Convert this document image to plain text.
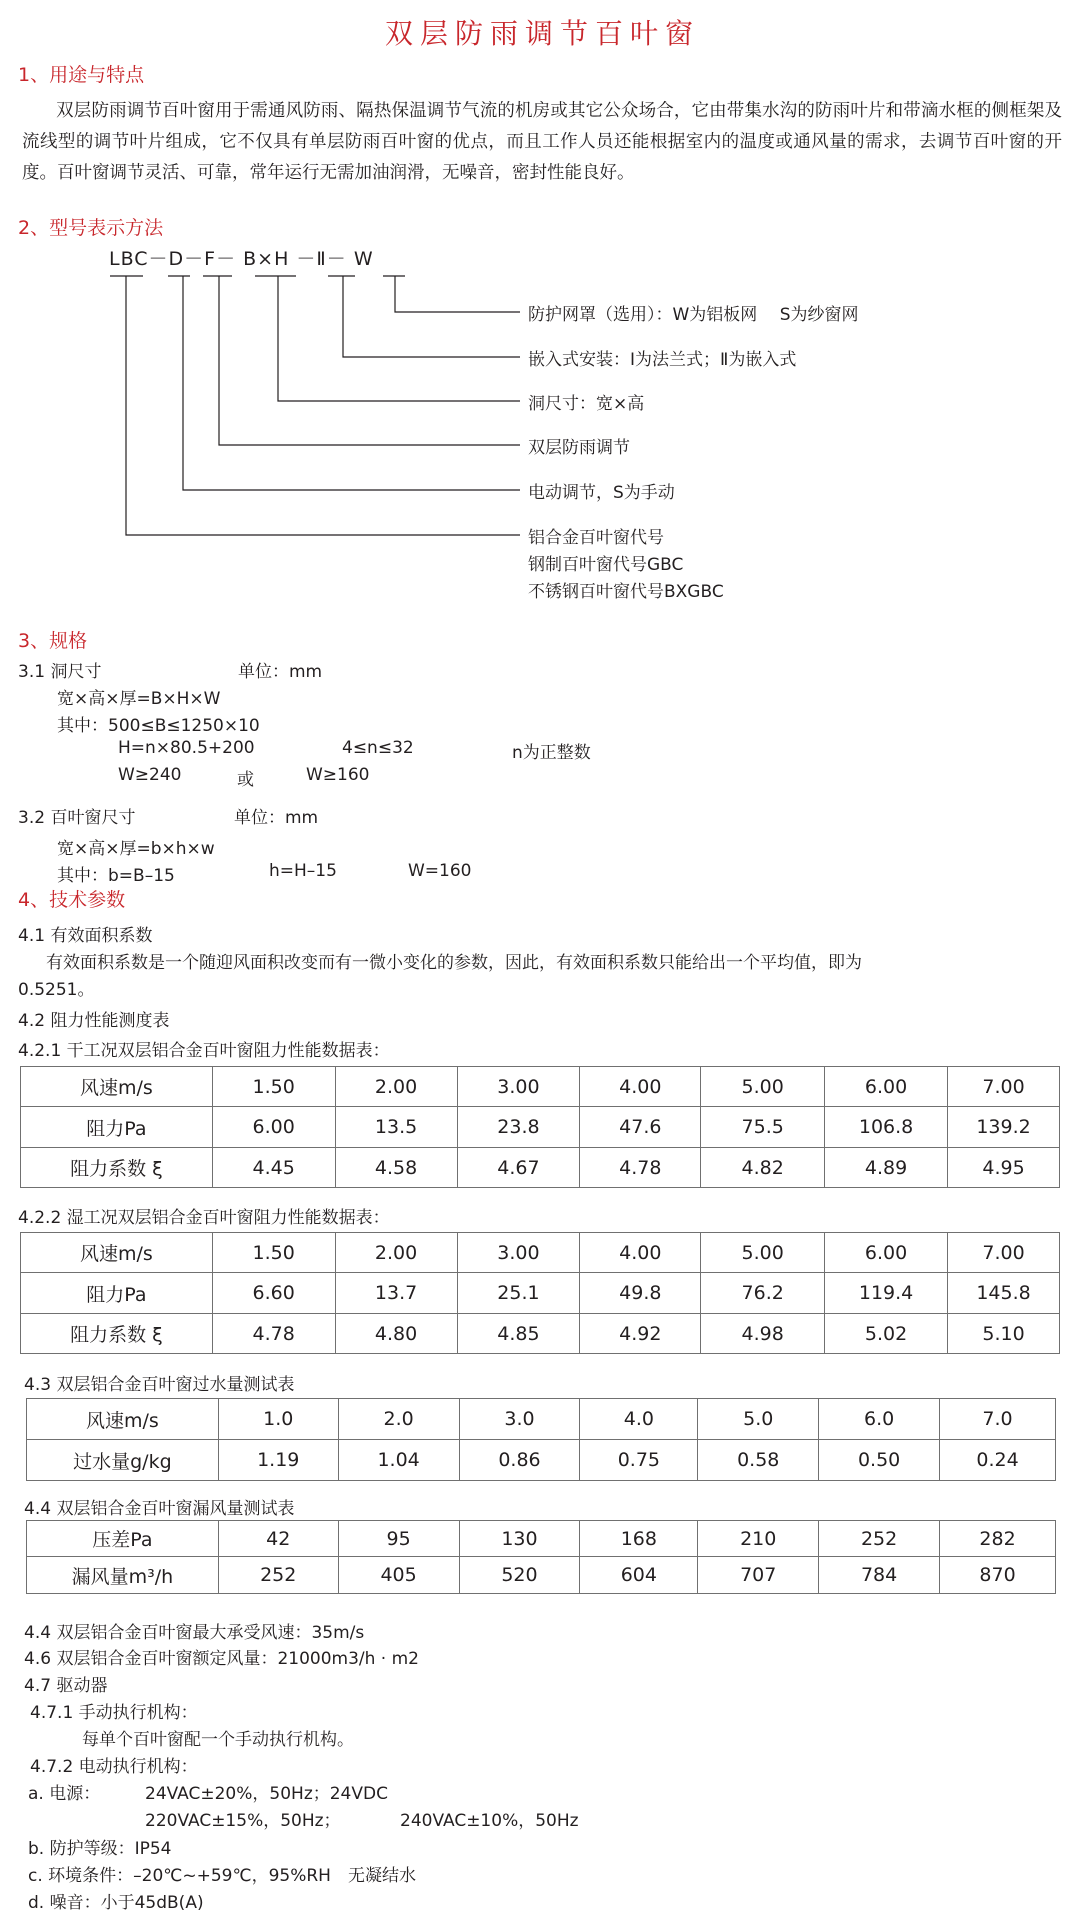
双层防雨调节百叶窗
1、用途与特点
双层防雨调节百叶窗用于需通风防雨、隔热保温调节气流的机房或其它公众场合，它由带集水沟的防雨叶片和带滴水框的侧框架及流线型的调节叶片组成，它不仅具有单层防雨百叶窗的优点，而且工作人员还能根据室内的温度或通风量的需求，去调节百叶窗的开度。百叶窗调节灵活、可靠，常年运行无需加油润滑，无噪音，密封性能良好。
2、型号表示方法
LBC－D－F－ B×H －Ⅱ－ W
防护网罩（选用）：W为铝板网　 S为纱窗网
嵌入式安装：Ⅰ为法兰式；Ⅱ为嵌入式
洞尺寸：宽×高
双层防雨调节
电动调节，S为手动
铝合金百叶窗代号
钢制百叶窗代号GBC
不锈钢百叶窗代号BXGBC
3、规格
3.1 洞尺寸	单位：mm
宽×高×厚=B×H×W
其中：500≤B≤1250×10
H=n×80.5+200	4≤n≤32	n为正整数
W≥240	或	W≥160
3.2 百叶窗尺寸	单位：mm
宽×高×厚=b×h×w
其中：b=B–15	h=H–15	W=160
4、技术参数
4.1 有效面积系数
有效面积系数是一个随迎风面积改变而有一微小变化的参数，因此，有效面积系数只能给出一个平均值，即为
0.5251。
4.2 阻力性能测度表
4.2.1 干工况双层铝合金百叶窗阻力性能数据表：
风速m/s	1.50	2.00	3.00	4.00	5.00	6.00	7.00
阻力Pa	6.00	13.5	23.8	47.6	75.5	106.8	139.2
阻力系数 ξ	4.45	4.58	4.67	4.78	4.82	4.89	4.95
4.2.2 湿工况双层铝合金百叶窗阻力性能数据表：
风速m/s	1.50	2.00	3.00	4.00	5.00	6.00	7.00
阻力Pa	6.60	13.7	25.1	49.8	76.2	119.4	145.8
阻力系数 ξ	4.78	4.80	4.85	4.92	4.98	5.02	5.10
4.3 双层铝合金百叶窗过水量测试表
风速m/s	1.0	2.0	3.0	4.0	5.0	6.0	7.0
过水量g/kg	1.19	1.04	0.86	0.75	0.58	0.50	0.24
4.4 双层铝合金百叶窗漏风量测试表
压差Pa	42	95	130	168	210	252	282
漏风量m³/h	252	405	520	604	707	784	870
4.4 双层铝合金百叶窗最大承受风速：35m/s
4.6 双层铝合金百叶窗额定风量：21000m3/h · m2
4.7 驱动器
4.7.1 手动执行机构：
每单个百叶窗配一个手动执行机构。
4.7.2 电动执行机构：
a. 电源：	24VAC±20%，50Hz；24VDC
220VAC±15%，50Hz；	240VAC±10%，50Hz
b. 防护等级：IP54
c. 环境条件：–20℃~+59℃，95%RH　无凝结水
d. 噪音：小于45dB(A)
